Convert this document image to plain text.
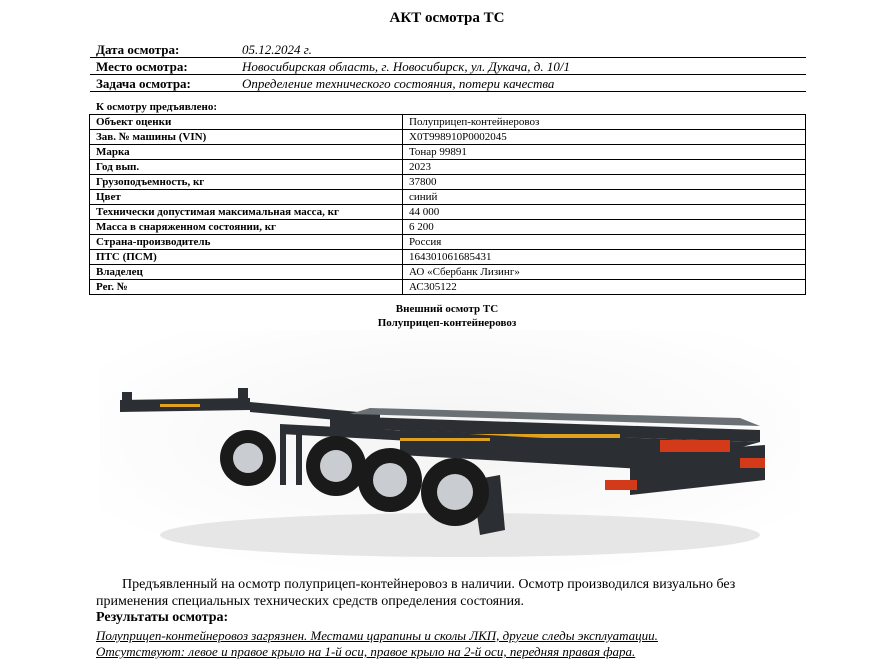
АКТ осмотра ТС
Дата осмотра:	05.12.2024 г.
Место осмотра:	Новосибирская область, г. Новосибирск, ул. Дукача, д. 10/1
Задача осмотра:	Определение технического состояния, потери качества
К осмотру предъявлено:
Объект оценки	Полуприцеп-контейнеровоз
Зав. № машины (VIN)	X0T998910P0002045
Марка	Тонар 99891
Год вып.	2023
Грузоподъемность, кг	37800
Цвет	синий
Технически допустимая максимальная масса, кг	44 000
Масса в снаряженном состоянии, кг	6 200
Страна-производитель	Россия
ПТС (ПСМ)	164301061685431
Владелец	АО «Сбербанк Лизинг»
Рег. №	АС305122
Внешний осмотр ТС
Полуприцеп-контейнеровоз
Предъявленный на осмотр полуприцеп-контейнеровоз в наличии. Осмотр производился визуально без применения специальных технических средств определения состояния.
Результаты осмотра:
Полуприцеп-контейнеровоз загрязнен. Местами царапины и сколы ЛКП, другие следы эксплуатации.
Отсутствуют: левое и правое крыло на 1-й оси, правое крыло на 2-й оси, передняя правая фара.
